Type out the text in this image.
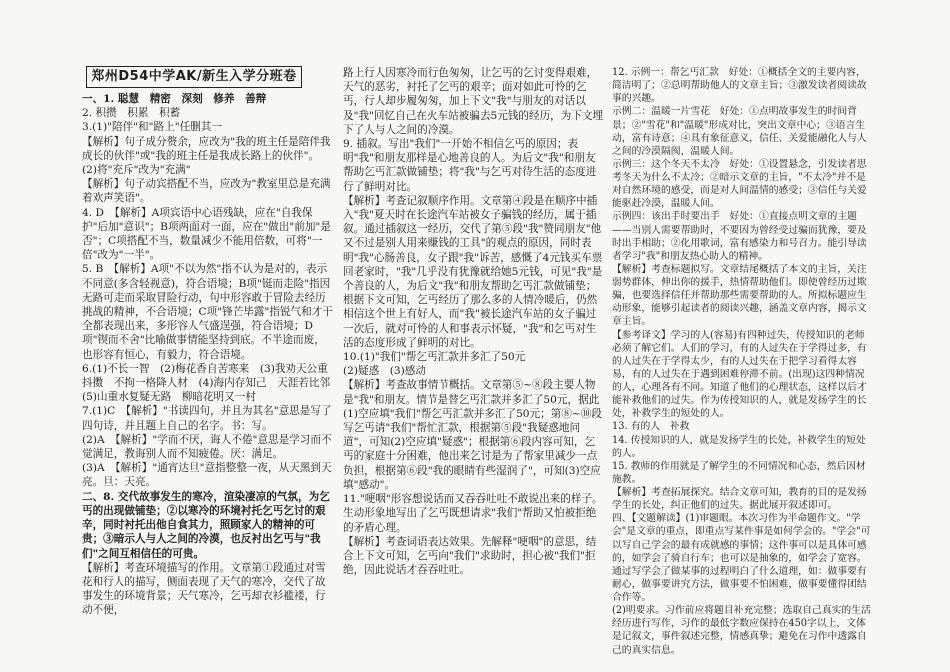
郑州D54中学AK/新生入学分班卷

一、1. 聪慧　精密　深刻　修养　善辩

2. 积攒　积累　积蓄

3.(1)"陪伴"和"路上"任删其一

【解析】句子成分赘余，应改为"我的班主任是陪伴我成长的伙伴"或"我的班主任是我成长路上的伙伴"。

(2)将"充斥"改为"充满"

【解析】句子动宾搭配不当，应改为"教室里总是充满着欢声笑语"。

4. D　【解析】A项宾语中心语残缺，应在"自我保护"后加"意识"；B项两面对一面，应在"做出"前加"是否"；C项搭配不当，数量减少不能用倍数，可将"一倍"改为"一半"。

5. B　【解析】A项"不以为然"指不认为是对的，表示不同意(多含轻视意)，符合语境；B项"铤而走险"指因无路可走而采取冒险行动，句中形容敢于冒险去经历挑战的精神，不合语境；C项"锋芒毕露"指锐气和才干全都表现出来，多形容人气盛逞强，符合语境；D项"锲而不舍"比喻做事情能坚持到底。不半途而废，也形容有恒心，有毅力，符合语境。

6.(1)不长一智　(2)梅花香自苦寒来　(3)我劝天公重抖擞　不拘一格降人材　(4)海内存知己　天涯若比邻　(5)山重水复疑无路　柳暗花明又一村

7.(1)C　【解析】"书读四句，并且为其名"意思是写了四句诗，并且题上自己的名字。书：写。

(2)A　【解析】"学而不厌，诲人不倦"意思是学习而不觉满足，教诲别人而不知疲倦。厌：满足。

(3)A　【解析】"通宵达旦"意指整整一夜，从天黑到天亮。旦：天亮。

二、8. 交代故事发生的寒冷，渲染凄凉的气氛，为乞丐的出现做铺垫；②以寒冷的环境衬托乞丐乞讨的艰辛，同时衬托出他自食其力，照顾家人的精神的可贵；③暗示人与人之间的冷漠，也反衬出乞丐与"我们"之间互相信任的可贵。

【解析】考查环境描写的作用。文章第①段通过对雪花和行人的描写，侧面表现了天气的寒冷，交代了故事发生的环境背景；天气寒冷，乞丐却衣衫褴褛，行动不便，

路上行人因寒冷而行色匆匆，让乞丐的乞讨变得艰难，天气的恶劣，衬托了乞丐的艰辛；面对如此可怜的乞丐，行人却步履匆匆，加上下文"我"与朋友的对话以及"我"回忆自己在火车站被骗去5元钱的经历，为下文埋下了人与人之间的冷漠。

9. 插叙。写出"我们"一开始不相信乞丐的原因；表明"我"和朋友那样是心地善良的人。为后文"我"和朋友帮助乞丐汇款做铺垫；将"我"与乞丐对待生活的态度进行了鲜明对比。

【解析】考查记叙顺序作用。文章第④段是在顺序中插入"我"夏天时在长途汽车站被女子骗钱的经历，属于插叙。通过插叙这一经历，交代了第⑤段"我"赞同朋友"他又不过是别人用来赚钱的工具"的观点的原因，同时表明"我"心肠善良，女子跟"我"诉苦，感慨了4元钱买车票回老家时，"我"几乎没有犹豫就给她5元钱，可见"我"是个善良的人，为后文"我"和朋友帮助乞丐汇款做铺垫；根据下文可知，乞丐经历了那么多的人情冷暖后，仍然相信这个世上有好人，而"我"被长途汽车站的女子骗过一次后，就对可怜的人和事表示怀疑，"我"和乞丐对生活的态度形成了鲜明的对比。

10.(1)"我们"帮乞丐汇款并多汇了50元

(2)疑惑　(3)感动

【解析】考查故事情节概括。文章第⑤~⑧段主要人物是"我"和朋友。情节是替乞丐汇款并多汇了50元，据此(1)空应填"我们"帮乞丐汇款并多汇了50元；第⑧~⑩段写乞丐请"我们"帮忙汇款，根据第⑤段"我疑惑地问道"，可知(2)空应填"疑惑"；根据第⑥段内容可知，乞丐的家庭十分困难，他出来乞讨是为了帮家里减少一点负担，根据第⑥段"我的眼睛有些湿润了"，可知(3)空应填"感动"。

11."哽咽"形容想说话而又吞吞吐吐不敢说出来的样子。生动形象地写出了乞丐既想请求"我们"帮助又怕被拒绝的矛盾心理。

【解析】考查词语表达效果。先解释"哽咽"的意思，结合上下文可知，乞丐向"我们"求助时，担心被"我们"拒绝，因此说话才吞吞吐吐。

12. 示例一：帮乞丐汇款　好处：①概括全文的主要内容，简洁明了；②总明帮助他人的文章主旨；③激发读者阅读故事的兴趣。

示例二：温暖一片雪花　好处：①点明故事发生的时间背景；②"雪花"和"温暖"形成对比，突出文章中心；③语言生动，富有诗意；④具有象征意义，信任、关爱能融化人与人之间的冷漠隔阂，温暖人间。

示例三：这个冬天不太冷　好处：①设置悬念，引发读者思考冬天为什么不太冷；②暗示文章的主旨，"不太冷"并不是对自然环境的感受，而是对人间温情的感受；③信任与关爱能驱赶冷漠，温暖人间。

示例四：该出手时要出手　好处：①直接点明文章的主题——当别人需要帮助时，不要因为曾经受过骗而犹豫，要及时出手相助；②化用歌词，富有感染力和号召力。能引导读者学习"我"和朋友热心助人的精神。

【解析】考查标题拟写。文章结尾概括了本文的主旨，关注弱势群体，伸出你的援手，热情帮助他们。即使曾经历过欺骗，也要选择信任并帮助那些需要帮助的人。所拟标题应生动形象，能够引起读者的阅读兴趣，涵盖文章内容，揭示文章主旨。

【参考译文】学习的人(容易)有四种过失，传授知识的老师必须了解它们。人们的学习，有的人过失在于学得过多，有的人过失在于学得太少，有的人过失在于把学习看得太容易，有的人过失在于遇到困难停滞不前。(出现)这四种情况的人，心理各有不同。知道了他们的心理状态，这样以后才能补救他们的过失。作为传授知识的人，就是发扬学生的长处，补救学生的短处的人。

13. 有的人　补救

14. 传授知识的人，就是发扬学生的长处，补救学生的短处的人。

15. 教师的作用就是了解学生的不同情况和心态，然后因材施教。

【解析】考查拓展探究。结合文章可知，教育的目的是发扬学生的长处，纠正他们的过失。据此展开叙述即可。

四、【文题解读】(1)审题眼。本次习作为半命题作文。"学会"是文章的重点，即重点写某件事是如何学会的。"学会"可以写自己学会的最有成就感的事情；这件事可以是具体可感的，如学会了骑自行车；也可以是抽象的，如学会了宽容。通过写学会了做某事的过程明白了什么道理，如：做事要有耐心，做事要讲究方法，做事要不怕困难，做事要懂得团结合作等。

(2)明要求。习作前应将题目补充完整；选取自己真实的生活经历进行写作，习作的最低字数应保持在450字以上，文体是记叙文，事件叙述完整，情感真挚；避免在习作中透露自己的真实信息。
